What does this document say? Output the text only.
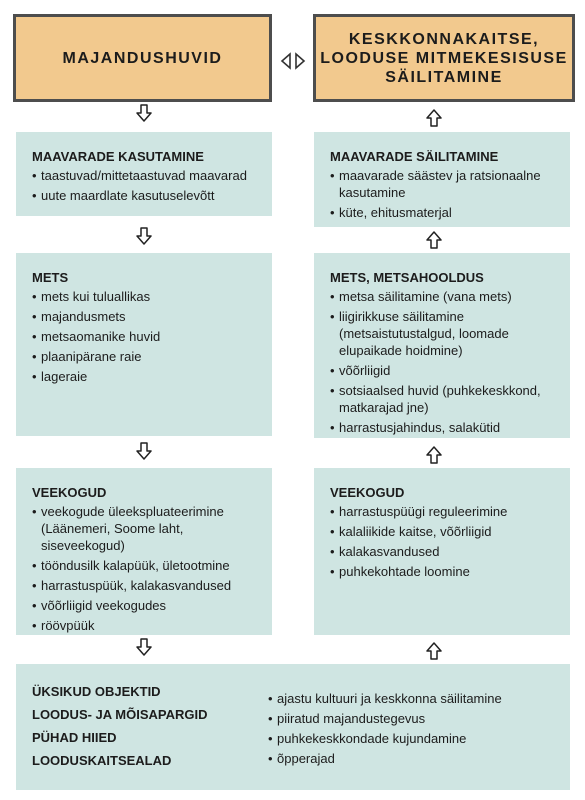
MAJANDUSHUVID
KESKKONNAKAITSE,
LOODUSE MITMEKESISUSE
SÄILITAMINE
MAAVARADE KASUTAMINE
• taastuvad/mittetaastuvad maavarad
• uute maardlate kasutuselevõtt
METS
• mets kui tuluallikas
• majandusmets
• metsaomanike huvid
• plaanipärane raie
• lageraie
VEEKOGUD
• veekogude üleekspluateerimine (Läänemeri, Soome laht, siseveekogud)
• tööndusilk kalapüük, ületootmine
• harrastuspüük, kalakasvandused
• võõrliigid veekogudes
• röövpüük
MAAVARADE SÄILITAMINE
• maavarade säästev ja ratsionaalne kasutamine
• küte, ehitusmaterjal
METS, METSAHOOLDUS
• metsa säilitamine (vana mets)
• liigirikkuse säilitamine (metsaistutustalgud, loomade elupaikade hoidmine)
• võõrliigid
• sotsiaalsed huvid (puhkekeskkond, matkarajad jne)
• harrastusjahindus, salakütid
VEEKOGUD
• harrastuspüügi reguleerimine
• kalaliikide kaitse, võõrliigid
• kalakasvandused
• puhkekohtade loomine
ÜKSIKUD OBJEKTID
LOODUS- JA MÕISAPARGID
PÜHAD HIIED
LOODUSKAITSEALAD
• ajastu kultuuri ja keskkonna säilitamine
• piiratud majandustegevus
• puhkekeskkondade kujundamine
• õpperajad
